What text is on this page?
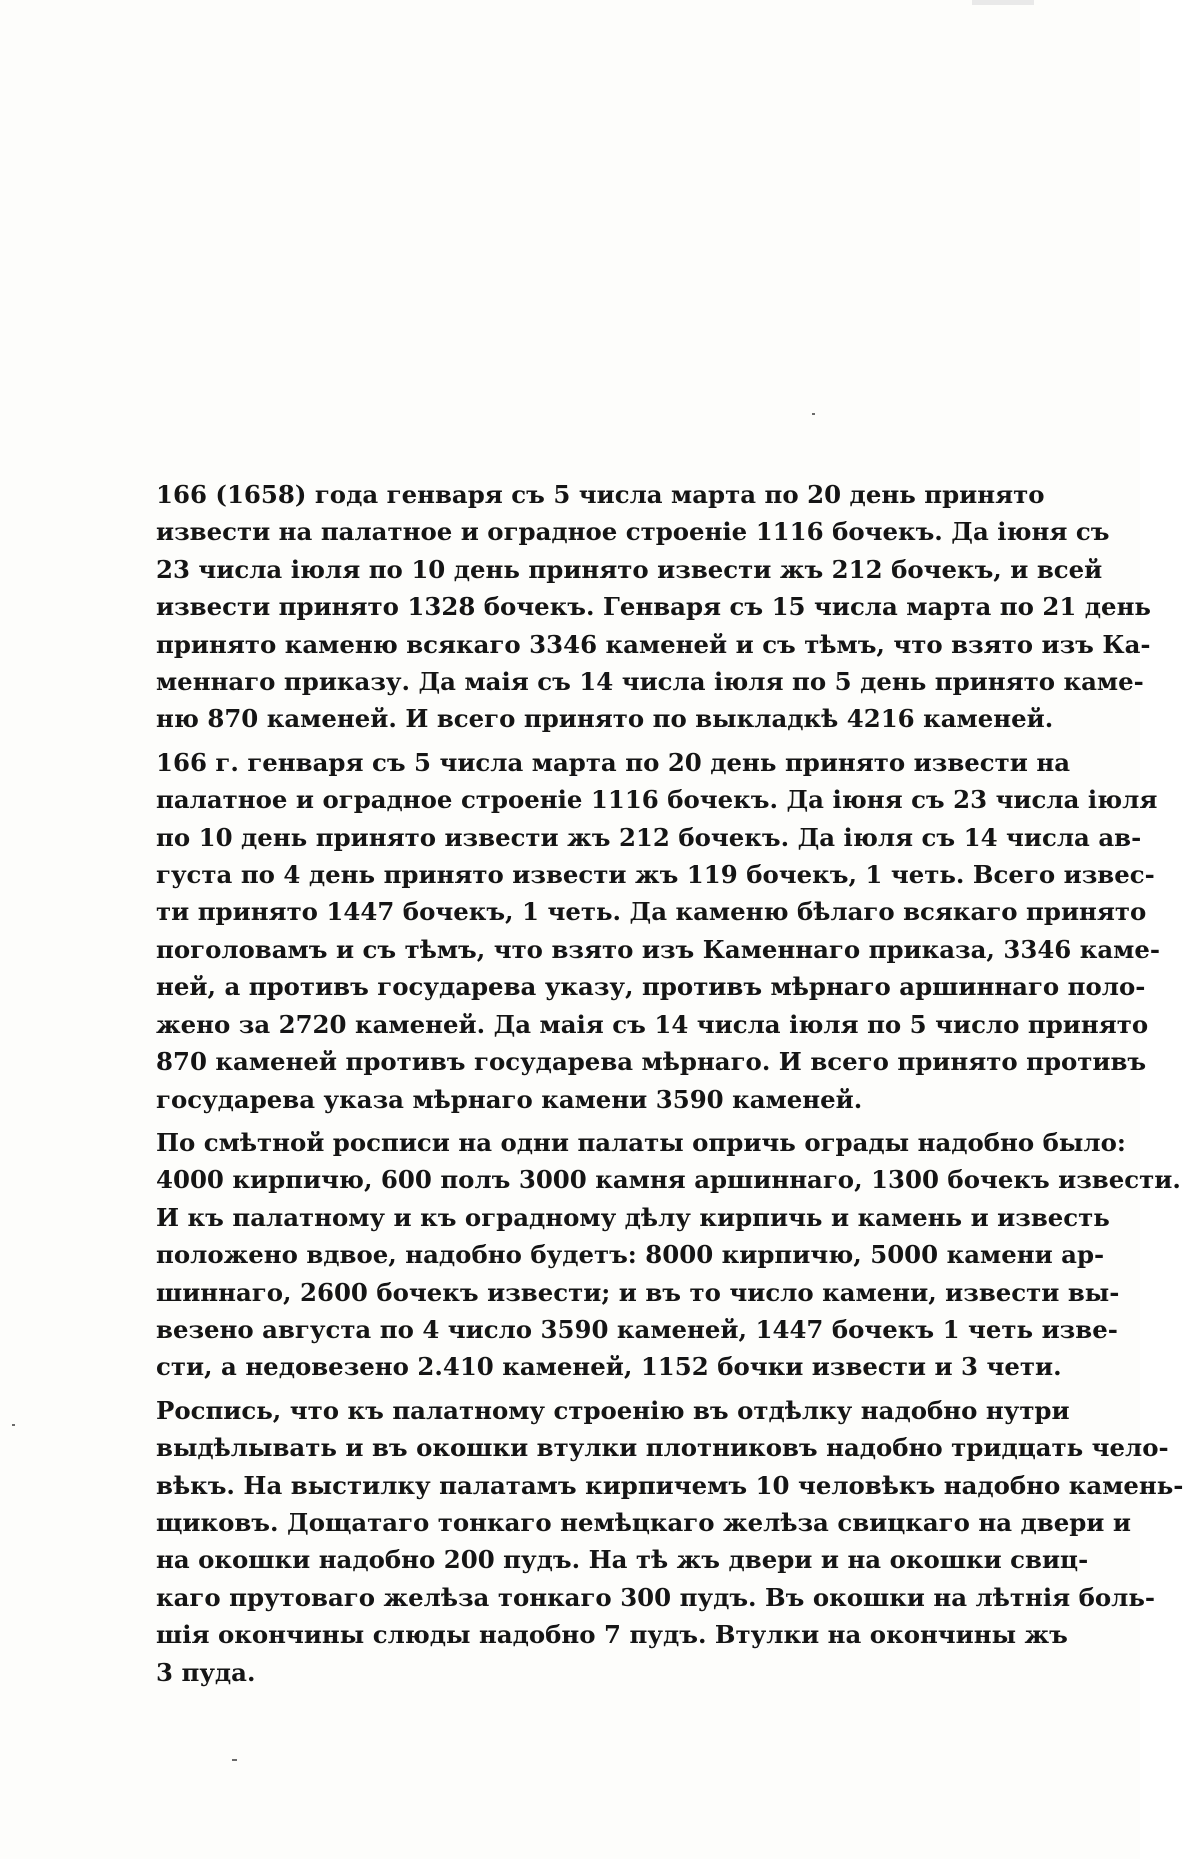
166 (1658) года генваря съ 5 числа марта по 20 день принято
извести на палатное и оградное строеніе 1116 бочекъ. Да іюня съ
23 числа іюля по 10 день принято извести жъ 212 бочекъ, и всей
извести принято 1328 бочекъ. Генваря съ 15 числа марта по 21 день
принято каменю всякаго 3346 каменей и съ тѣмъ, что взято изъ Ка-
меннаго приказу. Да маія съ 14 числа іюля по 5 день принято каме-
ню 870 каменей. И всего принято по выкладкѣ 4216 каменей.
166 г. генваря съ 5 числа марта по 20 день принято извести на
палатное и оградное строеніе 1116 бочекъ. Да іюня съ 23 числа іюля
по 10 день принято извести жъ 212 бочекъ. Да іюля съ 14 числа ав-
густа по 4 день принято извести жъ 119 бочекъ, 1 четь. Всего извес-
ти принято 1447 бочекъ, 1 четь. Да каменю бѣлаго всякаго принято
поголовамъ и съ тѣмъ, что взято изъ Каменнаго приказа, 3346 каме-
ней, а противъ государева указу, противъ мѣрнаго аршиннаго поло-
жено за 2720 каменей. Да маія съ 14 числа іюля по 5 число принято
870 каменей противъ государева мѣрнаго. И всего принято противъ
государева указа мѣрнаго камени 3590 каменей.
По смѣтной росписи на одни палаты опричь ограды надобно было:
4000 кирпичю, 600 полъ 3000 камня аршиннаго, 1300 бочекъ извести.
И къ палатному и къ оградному дѣлу кирпичь и камень и известь
положено вдвое, надобно будетъ: 8000 кирпичю, 5000 камени ар-
шиннаго, 2600 бочекъ извести; и въ то число камени, извести вы-
везено августа по 4 число 3590 каменей, 1447 бочекъ 1 четь изве-
сти, а недовезено 2.410 каменей, 1152 бочки извести и 3 чети.
Роспись, что къ палатному строенію въ отдѣлку надобно нутри
выдѣлывать и въ окошки втулки плотниковъ надобно тридцать чело-
вѣкъ. На выстилку палатамъ кирпичемъ 10 человѣкъ надобно камень-
щиковъ. Дощатаго тонкаго немѣцкаго желѣза свицкаго на двери и
на окошки надобно 200 пудъ. На тѣ жъ двери и на окошки свиц-
каго прутоваго желѣза тонкаго 300 пудъ. Въ окошки на лѣтнія боль-
шія окончины слюды надобно 7 пудъ. Втулки на окончины жъ
3 пуда.
